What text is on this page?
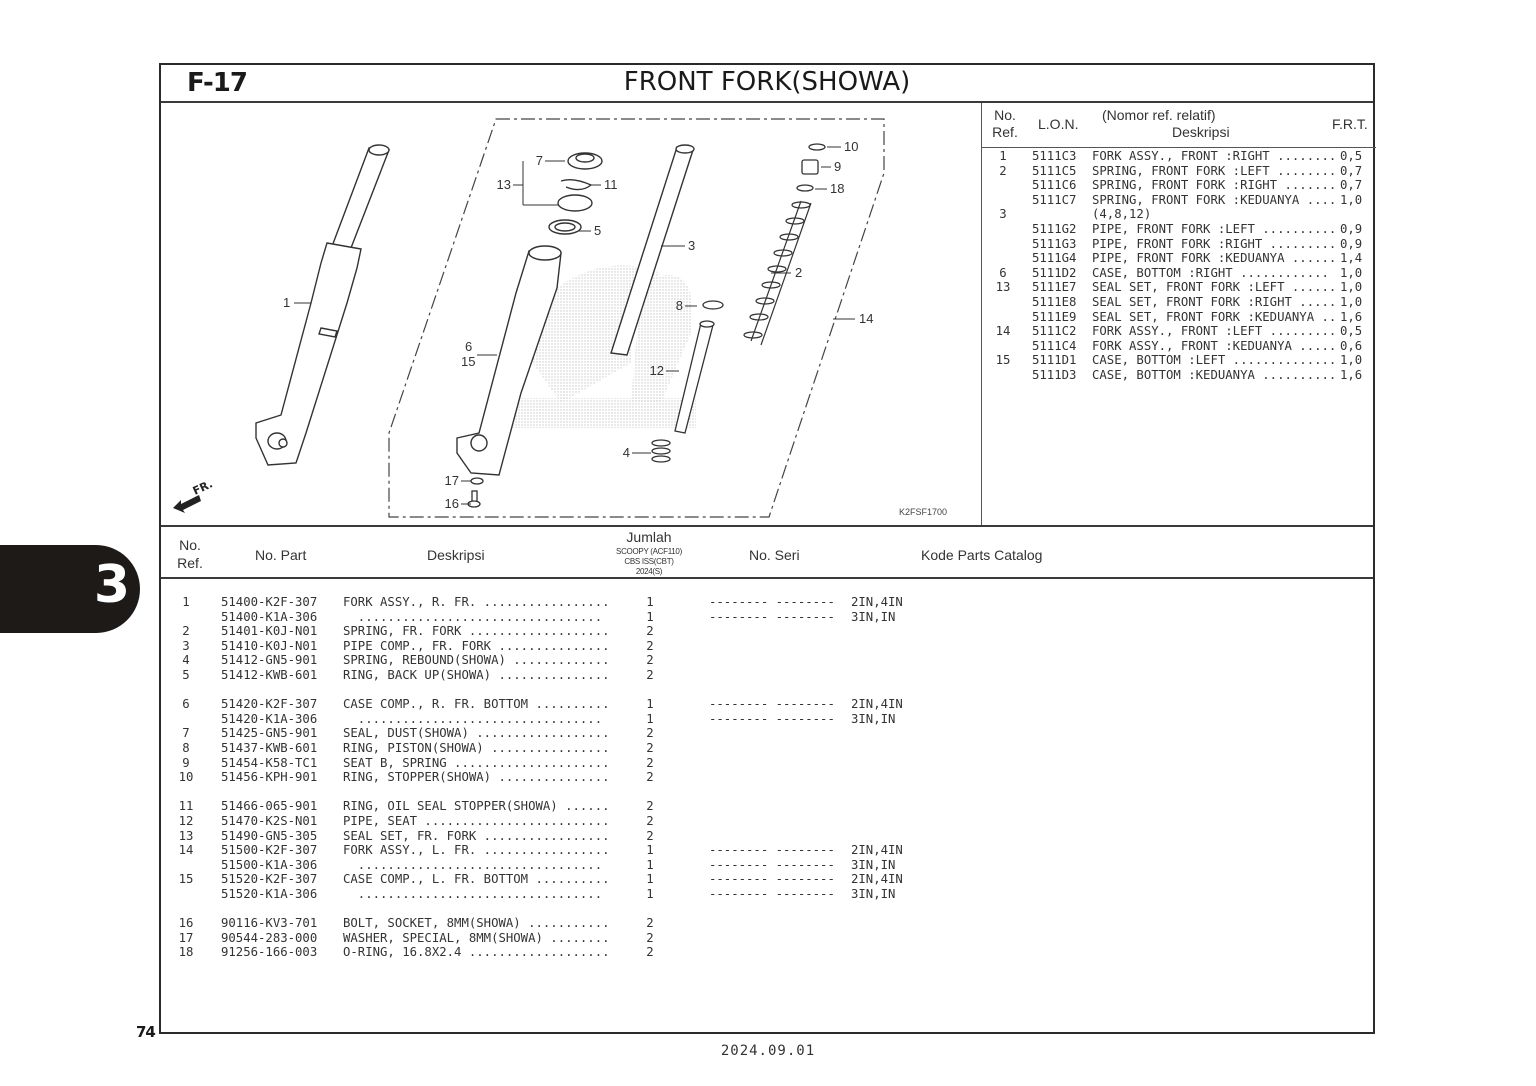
3
F-17	FRONT FORK(SHOWA)
1
2
3
4
5
6
15
7
8
9
10
11
12
13
14
16
17
18
FR.
K2FSF1700
No.
Ref. L.O.N.
(Nomor ref. relatif)
Deskripsi	F.R.T.
1	5111C3 FORK ASSY., FRONT :RIGHT ........ 0,5
2	5111C5 SPRING, FRONT FORK :LEFT ........ 0,7
5111C6 SPRING, FRONT FORK :RIGHT ....... 0,7
5111C7 SPRING, FRONT FORK :KEDUANYA .... 1,0
3	(4,8,12)
5111G2 PIPE, FRONT FORK :LEFT .......... 0,9
5111G3 PIPE, FRONT FORK :RIGHT ......... 0,9
5111G4 PIPE, FRONT FORK :KEDUANYA ...... 1,4
6	5111D2 CASE, BOTTOM :RIGHT ............ 1,0
13	5111E7 SEAL SET, FRONT FORK :LEFT ...... 1,0
5111E8 SEAL SET, FRONT FORK :RIGHT ..... 1,0
5111E9 SEAL SET, FRONT FORK :KEDUANYA .. 1,6
14	5111C2 FORK ASSY., FRONT :LEFT ......... 0,5
5111C4 FORK ASSY., FRONT :KEDUANYA ..... 0,6
15	5111D1 CASE, BOTTOM :LEFT .............. 1,0
5111D3 CASE, BOTTOM :KEDUANYA .......... 1,6
No.
Ref.	No. Part	Deskripsi
Jumlah
SCOOPY (ACF110)
CBS ISS(CBT)
2024(S)
No. Seri	Kode Parts Catalog
1	51400-K2F-307 FORK ASSY., R. FR. .................	1	-------- -------- 2IN,4IN
51400-K1A-306 .................................	1	-------- -------- 3IN,IN
2	51401-K0J-N01 SPRING, FR. FORK ...................	2
3	51410-K0J-N01 PIPE COMP., FR. FORK ...............	2
4	51412-GN5-901 SPRING, REBOUND(SHOWA) .............	2
5	51412-KWB-601 RING, BACK UP(SHOWA) ...............	2
6	51420-K2F-307 CASE COMP., R. FR. BOTTOM ..........	1	-------- -------- 2IN,4IN
51420-K1A-306 .................................	1	-------- -------- 3IN,IN
7	51425-GN5-901 SEAL, DUST(SHOWA) ..................	2
8	51437-KWB-601 RING, PISTON(SHOWA) ................	2
9	51454-K58-TC1 SEAT B, SPRING .....................	2
10	51456-KPH-901 RING, STOPPER(SHOWA) ...............	2
11	51466-065-901 RING, OIL SEAL STOPPER(SHOWA) ......	2
12	51470-K2S-N01 PIPE, SEAT .........................	2
13	51490-GN5-305 SEAL SET, FR. FORK .................	2
14	51500-K2F-307 FORK ASSY., L. FR. .................	1	-------- -------- 2IN,4IN
51500-K1A-306 .................................	1	-------- -------- 3IN,IN
15	51520-K2F-307 CASE COMP., L. FR. BOTTOM ..........	1	-------- -------- 2IN,4IN
51520-K1A-306 .................................	1	-------- -------- 3IN,IN
16	90116-KV3-701 BOLT, SOCKET, 8MM(SHOWA) ...........	2
17	90544-283-000 WASHER, SPECIAL, 8MM(SHOWA) ........	2
18	91256-166-003 O-RING, 16.8X2.4 ...................	2
74
2024.09.01
